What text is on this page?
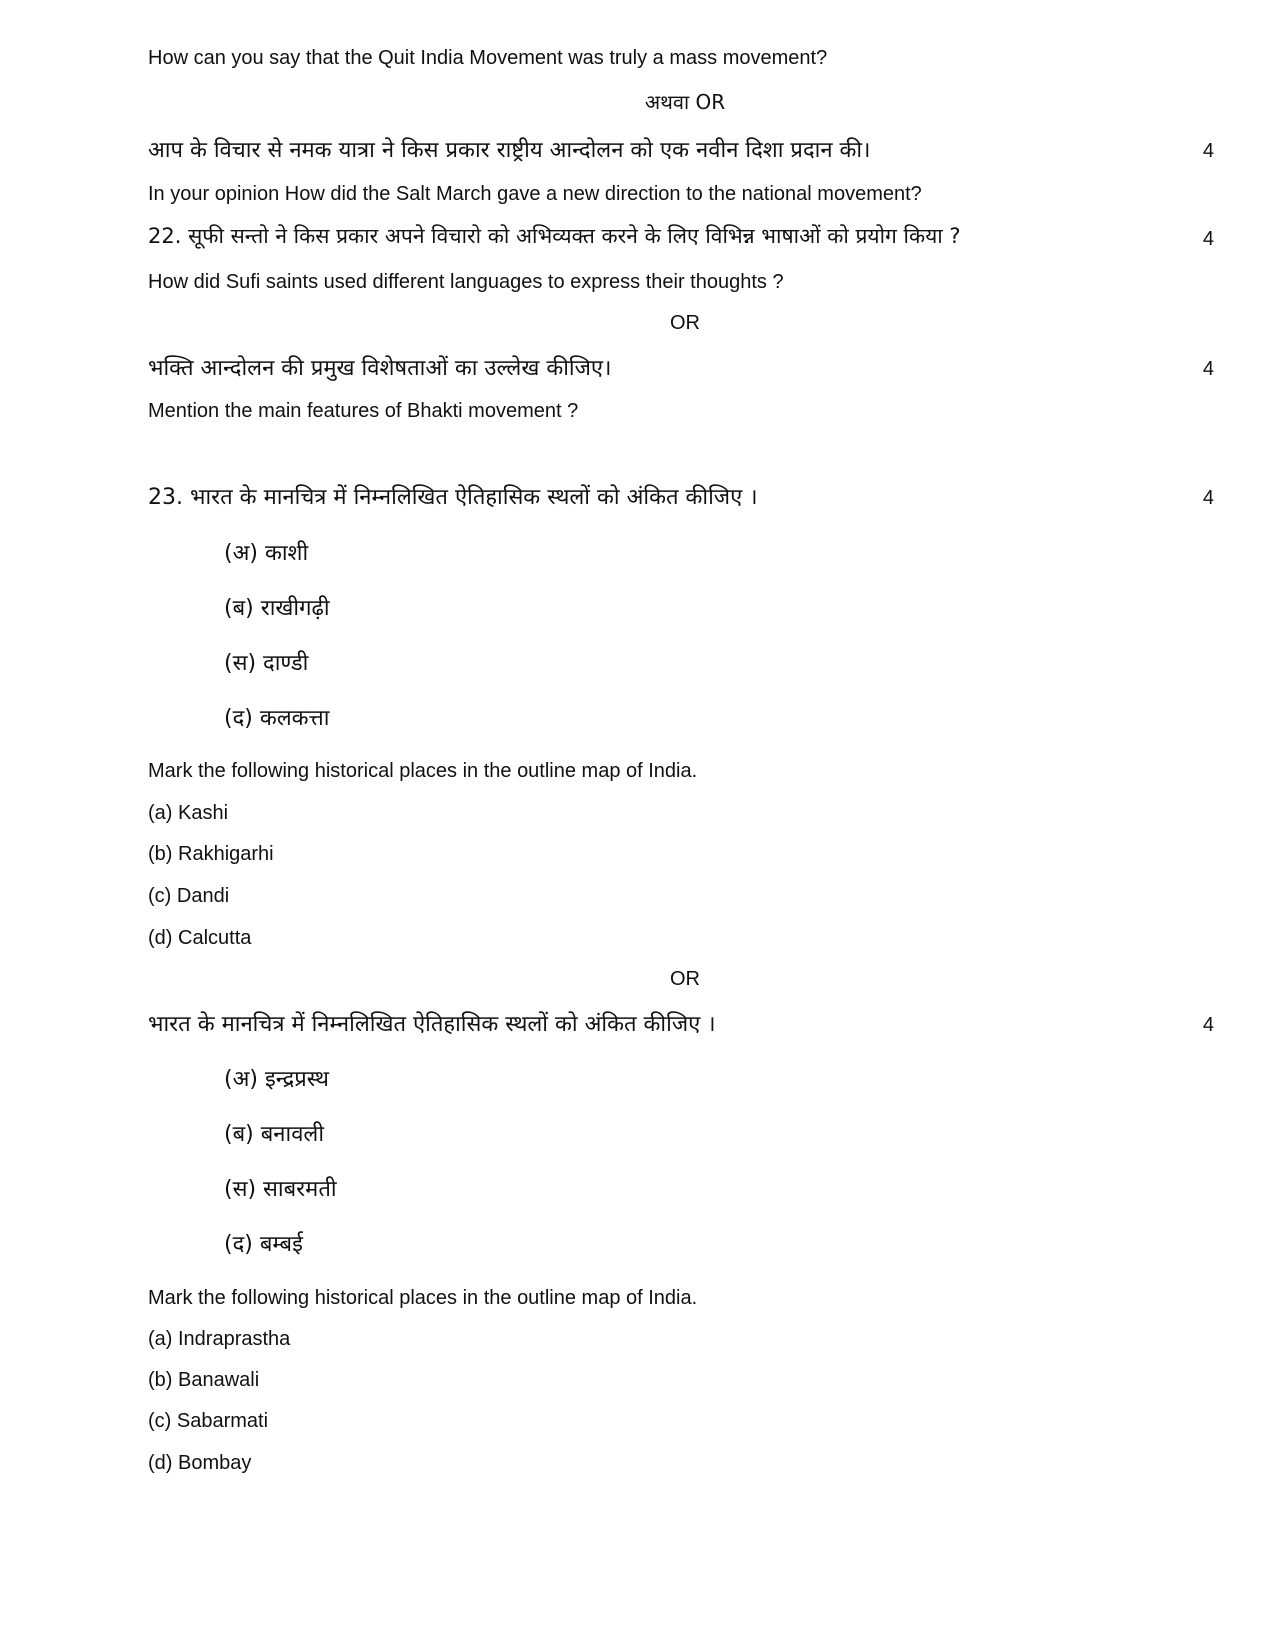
How can you say that the Quit India Movement was truly a mass movement?
अथवा OR
आप के विचार से नमक यात्रा ने किस प्रकार राष्ट्रीय आन्दोलन को एक नवीन दिशा प्रदान की।	4
In your opinion How did the Salt March gave a new direction to the national movement?
22. सूफी सन्तो ने किस प्रकार अपने विचारो को अभिव्यक्त करने के लिए विभिन्न भाषाओं को प्रयोग किया ?	4
How did Sufi saints used different languages to express their thoughts ?
OR
भक्ति आन्दोलन की प्रमुख विशेषताओं का उल्लेख कीजिए।	4
Mention the main features of Bhakti movement ?
23. भारत के मानचित्र में निम्नलिखित ऐतिहासिक स्थलों को अंकित कीजिए ।	4
(अ) काशी
(ब) राखीगढ़ी
(स) दाण्डी
(द) कलकत्ता
Mark the following historical places in the outline map of India.
(a) Kashi
(b) Rakhigarhi
(c) Dandi
(d) Calcutta
OR
भारत के मानचित्र में निम्नलिखित ऐतिहासिक स्थलों को अंकित कीजिए ।	4
(अ) इन्द्रप्रस्थ
(ब) बनावली
(स) साबरमती
(द) बम्बई
Mark the following historical places in the outline map of India.
(a) Indraprastha
(b) Banawali
(c) Sabarmati
(d) Bombay
